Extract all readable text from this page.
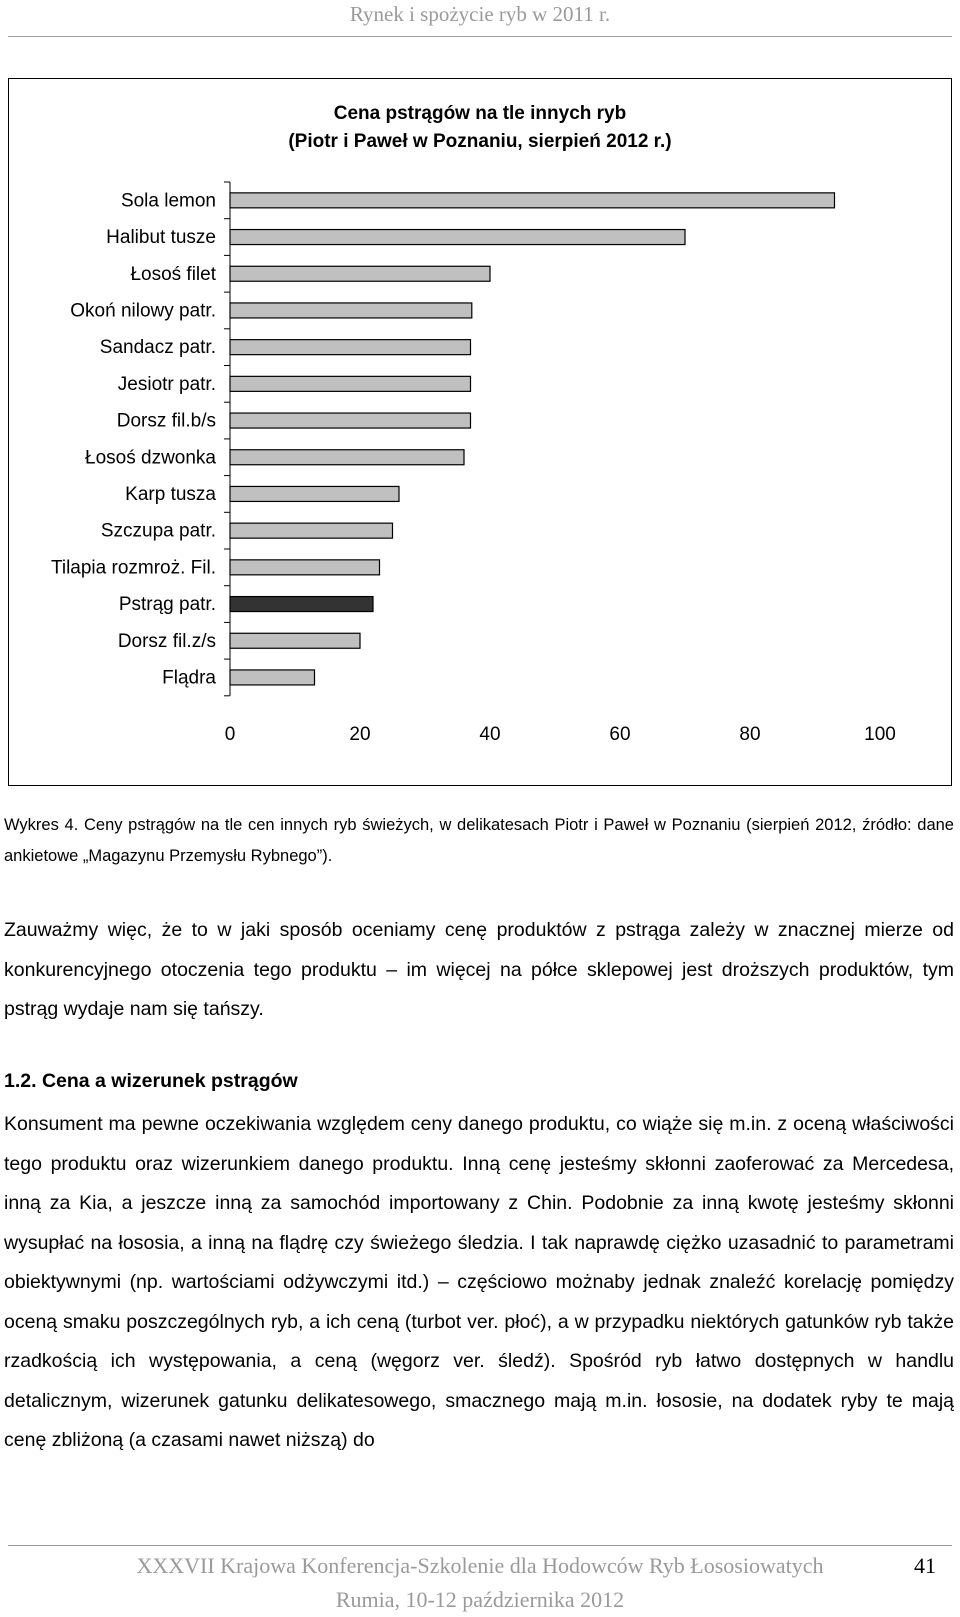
Rynek i spożycie ryb w 2011 r.
Cena pstrągów na tle innych ryb
(Piotr i Paweł w Poznaniu, sierpień 2012 r.)
Sola lemon
Halibut tusze
Łosoś filet
Okoń nilowy patr.
Sandacz patr.
Jesiotr patr.
Dorsz fil.b/s
Łosoś dzwonka
Karp tusza
Szczupa patr.
Tilapia rozmroż. Fil.
Pstrąg patr.
Dorsz fil.z/s
Flądra
0	20	40	60	80	100
Wykres 4. Ceny pstrągów na tle cen innych ryb świeżych, w delikatesach Piotr i Paweł w Poznaniu (sierpień 2012, źródło: dane ankietowe „Magazynu Przemysłu Rybnego”).
Zauważmy więc, że to w jaki sposób oceniamy cenę produktów z pstrąga zależy w znacznej mierze od konkurencyjnego otoczenia tego produktu – im więcej na półce sklepowej jest droższych produktów, tym pstrąg wydaje nam się tańszy.
1.2. Cena a wizerunek pstrągów
Konsument ma pewne oczekiwania względem ceny danego produktu, co wiąże się m.in. z oceną właściwości tego produktu oraz wizerunkiem danego produktu. Inną cenę jesteśmy skłonni zaoferować za Mercedesa, inną za Kia, a jeszcze inną za samochód importowany z Chin. Podobnie za inną kwotę jesteśmy skłonni wysupłać na łososia, a inną na flądrę czy świeżego śledzia. I tak naprawdę ciężko uzasadnić to parametrami obiektywnymi (np. wartościami odżywczymi itd.) – częściowo możnaby jednak znaleźć korelację pomiędzy oceną smaku poszczególnych ryb, a ich ceną (turbot ver. płoć), a w przypadku niektórych gatunków ryb także rzadkością ich występowania, a ceną (węgorz ver. śledź). Spośród ryb łatwo dostępnych w handlu detalicznym, wizerunek gatunku delikatesowego, smacznego mają m.in. łososie, na dodatek ryby te mają cenę zbliżoną (a czasami nawet niższą) do
XXXVII Krajowa Konferencja-Szkolenie dla Hodowców Ryb Łososiowatych
Rumia, 10-12 października 2012
41
